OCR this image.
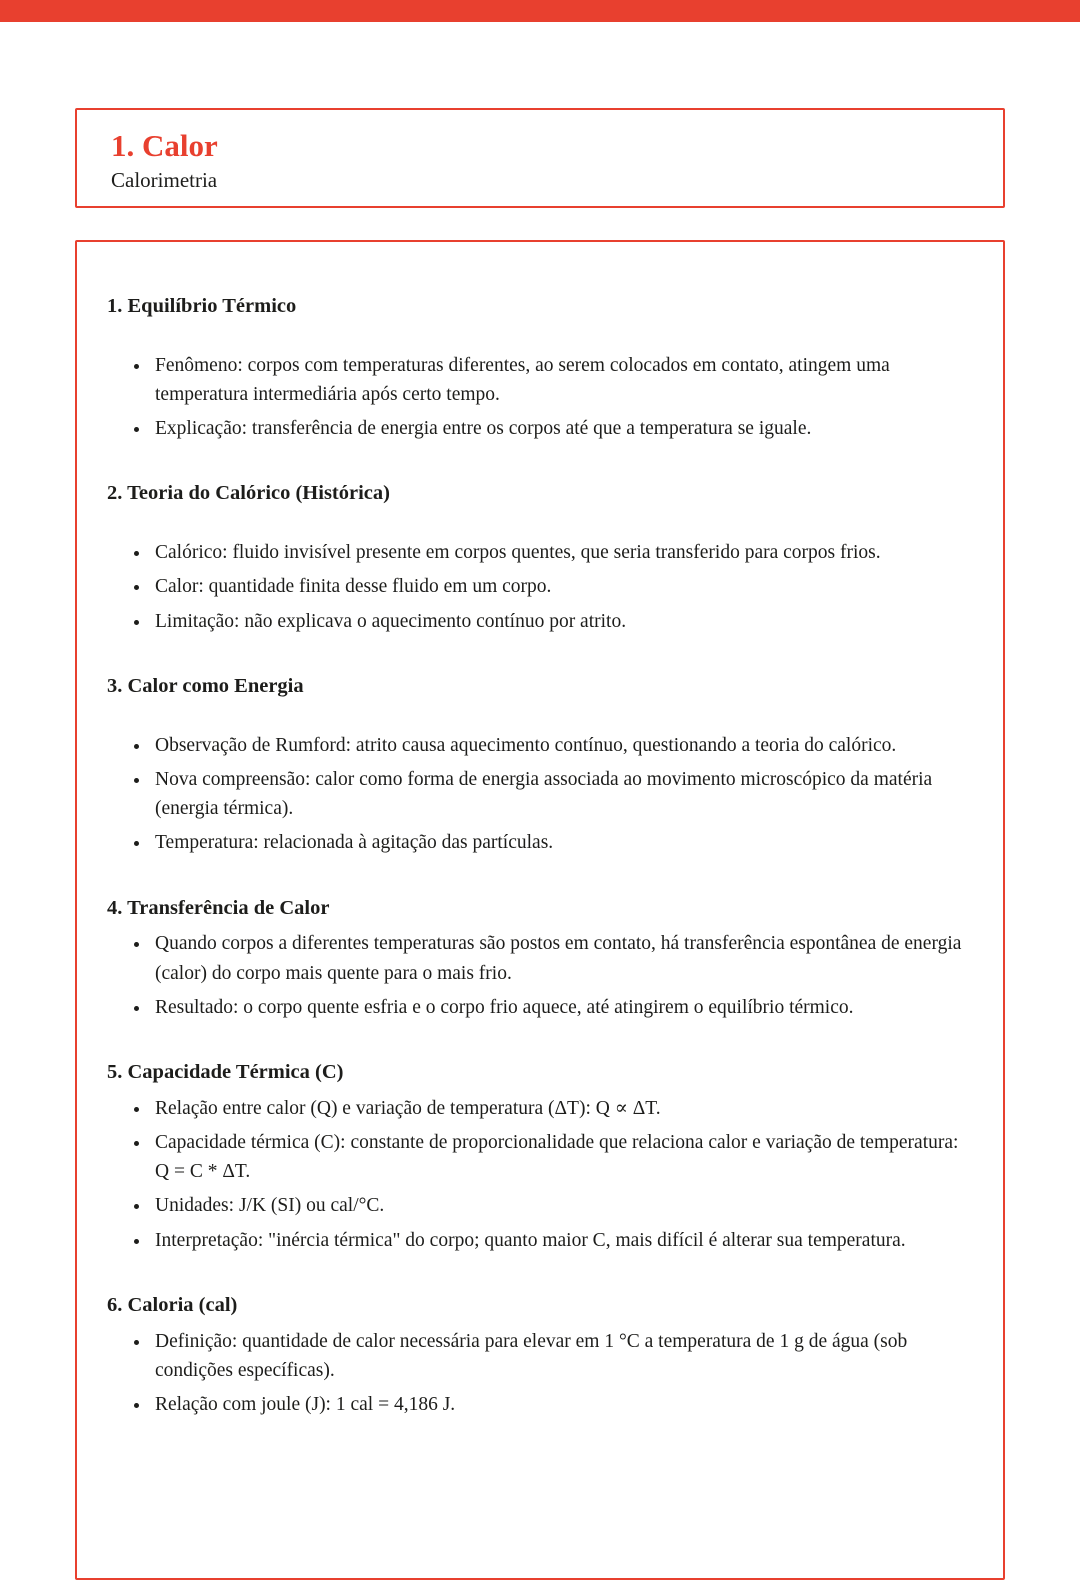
1. Calor

Calorimetria

1. Equilíbrio Térmico
• Fenômeno: corpos com temperaturas diferentes, ao serem colocados em contato, atingem uma temperatura intermediária após certo tempo.
• Explicação: transferência de energia entre os corpos até que a temperatura se iguale.
2. Teoria do Calórico (Histórica)
• Calórico: fluido invisível presente em corpos quentes, que seria transferido para corpos frios.
• Calor: quantidade finita desse fluido em um corpo.
• Limitação: não explicava o aquecimento contínuo por atrito.
3. Calor como Energia
• Observação de Rumford: atrito causa aquecimento contínuo, questionando a teoria do calórico.
• Nova compreensão: calor como forma de energia associada ao movimento microscópico da matéria (energia térmica).
• Temperatura: relacionada à agitação das partículas.
4. Transferência de Calor
• Quando corpos a diferentes temperaturas são postos em contato, há transferência espontânea de energia (calor) do corpo mais quente para o mais frio.
• Resultado: o corpo quente esfria e o corpo frio aquece, até atingirem o equilíbrio térmico.
5. Capacidade Térmica (C)
• Relação entre calor (Q) e variação de temperatura (ΔT): Q ∝ ΔT.
• Capacidade térmica (C): constante de proporcionalidade que relaciona calor e variação de temperatura: Q = C * ΔT.
• Unidades: J/K (SI) ou cal/°C.
• Interpretação: "inércia térmica" do corpo; quanto maior C, mais difícil é alterar sua temperatura.
6. Caloria (cal)
• Definição: quantidade de calor necessária para elevar em 1 °C a temperatura de 1 g de água (sob condições específicas).
• Relação com joule (J): 1 cal = 4,186 J.
